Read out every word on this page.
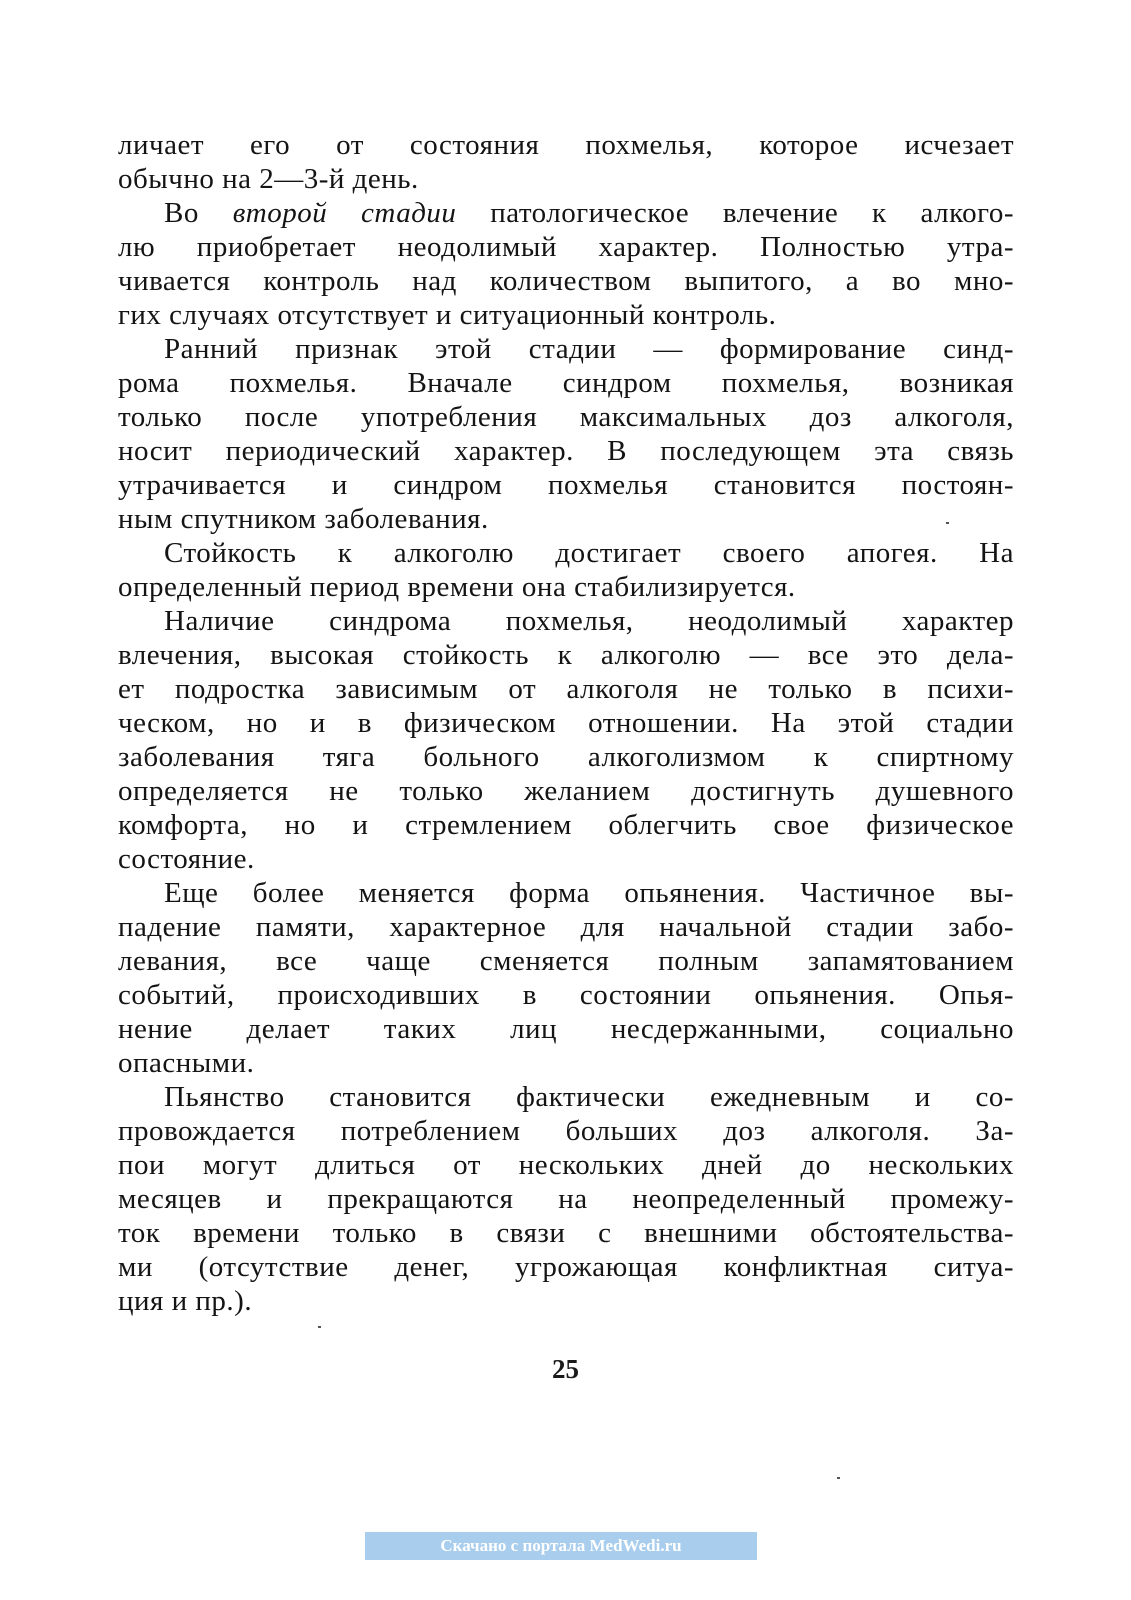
личает его от состояния похмелья, которое исчезает
обычно на 2—3-й день.
Во второй стадии патологическое влечение к алкого-
лю приобретает неодолимый характер. Полностью утра-
чивается контроль над количеством выпитого, а во мно-
гих случаях отсутствует и ситуационный контроль.
Ранний признак этой стадии — формирование синд-
рома похмелья. Вначале синдром похмелья, возникая
только после употребления максимальных доз алкоголя,
носит периодический характер. В последующем эта связь
утрачивается и синдром похмелья становится постоян-
ным спутником заболевания.
Стойкость к алкоголю достигает своего апогея. На
определенный период времени она стабилизируется.
Наличие синдрома похмелья, неодолимый характер
влечения, высокая стойкость к алкоголю — все это дела-
ет подростка зависимым от алкоголя не только в психи-
ческом, но и в физическом отношении. На этой стадии
заболевания тяга больного алкоголизмом к спиртному
определяется не только желанием достигнуть душевного
комфорта, но и стремлением облегчить свое физическое
состояние.
Еще более меняется форма опьянения. Частичное вы-
падение памяти, характерное для начальной стадии забо-
левания, все чаще сменяется полным запамятованием
событий, происходивших в состоянии опьянения. Опья-
нение делает таких лиц несдержанными, социально
опасными.
Пьянство становится фактически ежедневным и со-
провождается потреблением больших доз алкоголя. За-
пои могут длиться от нескольких дней до нескольких
месяцев и прекращаются на неопределенный промежу-
ток времени только в связи с внешними обстоятельства-
ми (отсутствие денег, угрожающая конфликтная ситуа-
ция и пр.).
25
Скачано с портала MedWedi.ru
